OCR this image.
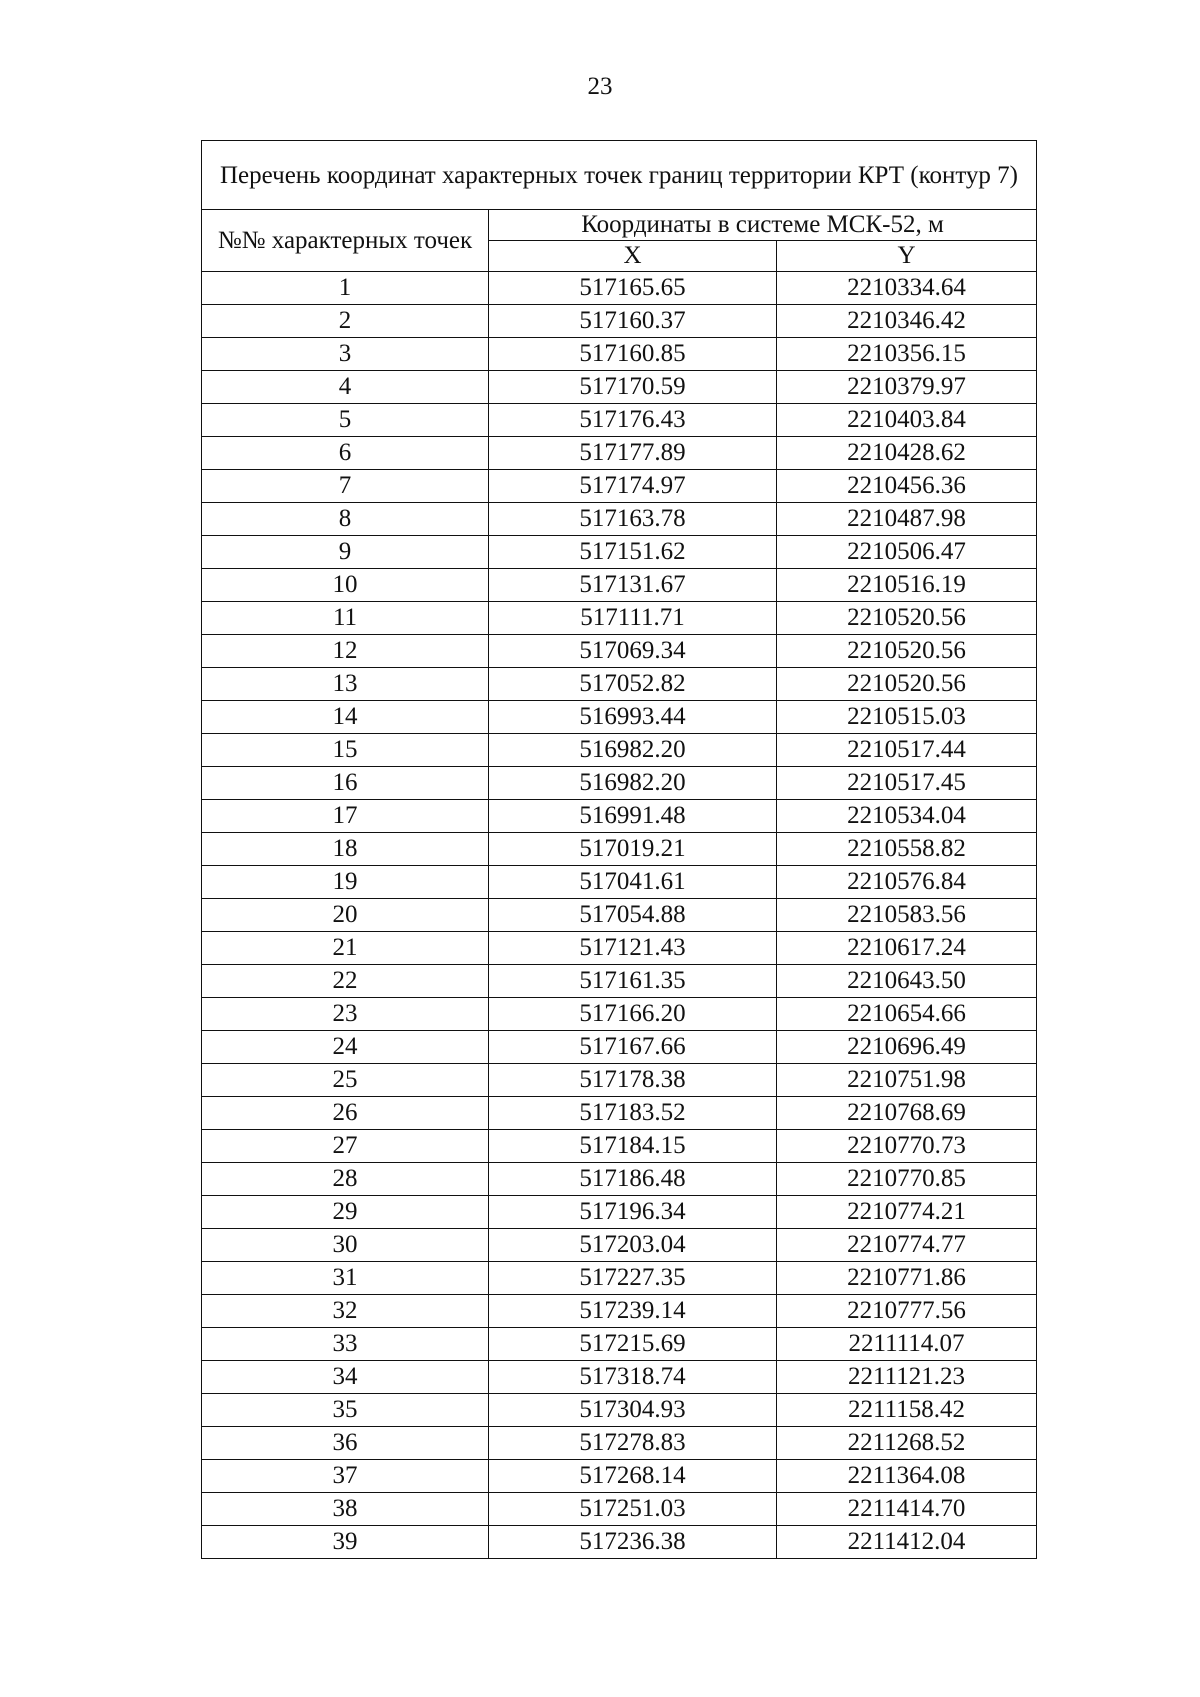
23
Перечень координат характерных точек границ территории КРТ (контур 7)		
№№ характерных точек	Координаты в системе МСК-52, м	
	X	Y
1	517165.65	2210334.64
2	517160.37	2210346.42
3	517160.85	2210356.15
4	517170.59	2210379.97
5	517176.43	2210403.84
6	517177.89	2210428.62
7	517174.97	2210456.36
8	517163.78	2210487.98
9	517151.62	2210506.47
10	517131.67	2210516.19
11	517111.71	2210520.56
12	517069.34	2210520.56
13	517052.82	2210520.56
14	516993.44	2210515.03
15	516982.20	2210517.44
16	516982.20	2210517.45
17	516991.48	2210534.04
18	517019.21	2210558.82
19	517041.61	2210576.84
20	517054.88	2210583.56
21	517121.43	2210617.24
22	517161.35	2210643.50
23	517166.20	2210654.66
24	517167.66	2210696.49
25	517178.38	2210751.98
26	517183.52	2210768.69
27	517184.15	2210770.73
28	517186.48	2210770.85
29	517196.34	2210774.21
30	517203.04	2210774.77
31	517227.35	2210771.86
32	517239.14	2210777.56
33	517215.69	2211114.07
34	517318.74	2211121.23
35	517304.93	2211158.42
36	517278.83	2211268.52
37	517268.14	2211364.08
38	517251.03	2211414.70
39	517236.38	2211412.04
